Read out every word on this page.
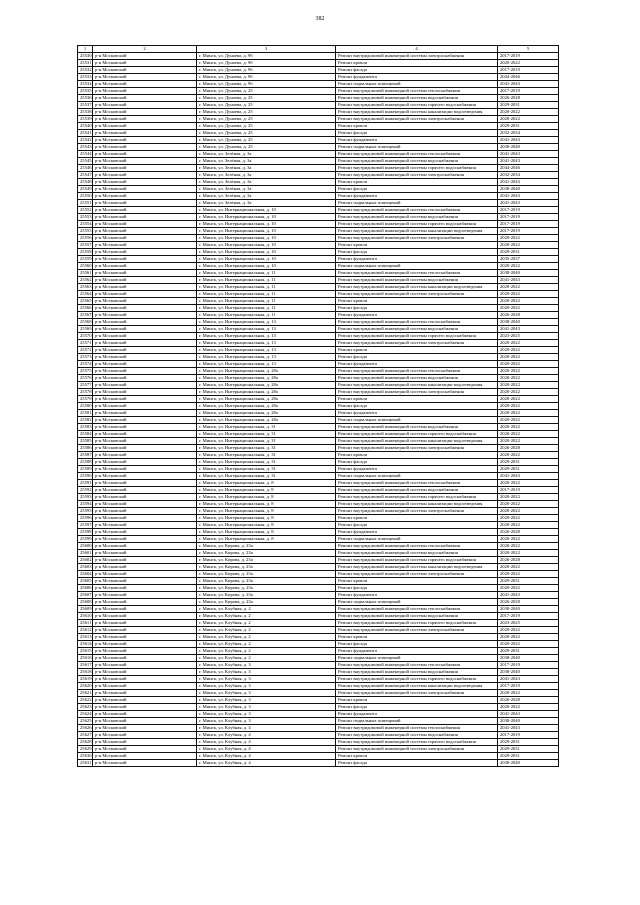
382
1	2	3	4	5
25530	р-н Московский	г. Минск, ул. Дунаева, д. 9б	Ремонт внутридомовой инженерной системы электроснабжения	2017-2019
25531	р-н Московский	г. Минск, ул. Дунаева, д. 9б	Ремонт кровли	2020-2022
25532	р-н Московский	г. Минск, ул. Дунаева, д. 9б	Ремонт фасада	2017-2019
25533	р-н Московский	г. Минск, ул. Дунаева, д. 9б	Ремонт фундамента	2044-2046
25534	р-н Московский	г. Минск, ул. Дунаева, д. 9б	Ремонт подвальных помещений	2041-2043
25535	р-н Московский	г. Минск, ул. Дунаева, д. 25	Ремонт внутридомовой инженерной системы теплоснабжения	2017-2019
25536	р-н Московский	г. Минск, ул. Дунаева, д. 25	Ремонт внутридомовой инженерной системы водоснабжения	2026-2028
25537	р-н Московский	г. Минск, ул. Дунаева, д. 25	Ремонт внутридомовой инженерной системы горячего водоснабжения	2029-2031
25538	р-н Московский	г. Минск, ул. Дунаева, д. 25	Ремонт внутридомовой инженерной системы канализации водоотведения	2020-2022
25539	р-н Московский	г. Минск, ул. Дунаева, д. 25	Ремонт внутридомовой инженерной системы электроснабжения	2020-2022
25540	р-н Московский	г. Минск, ул. Дунаева, д. 25	Ремонт кровли	2029-2031
25541	р-н Московский	г. Минск, ул. Дунаева, д. 25	Ремонт фасада	2032-2034
25542	р-н Московский	г. Минск, ул. Дунаева, д. 25	Ремонт фундамента	2041-2043
25543	р-н Московский	г. Минск, ул. Дунаева, д. 25	Ремонт подвальных помещений	2038-2040
25544	р-н Московский	г. Минск, ул. Зелёная, д. 3а	Ремонт внутридомовой инженерной системы теплоснабжения	2041-2043
25545	р-н Московский	г. Минск, ул. Зелёная, д. 3а	Ремонт внутридомовой инженерной системы водоснабжения	2041-2043
25546	р-н Московский	г. Минск, ул. Зелёная, д. 3а	Ремонт внутридомовой инженерной системы горячего водоснабжения	2044-2046
25547	р-н Московский	г. Минск, ул. Зелёная, д. 3а	Ремонт внутридомовой инженерной системы электроснабжения	2032-2034
25548	р-н Московский	г. Минск, ул. Зелёная, д. 3а	Ремонт кровли	2041-2043
25549	р-н Московский	г. Минск, ул. Зелёная, д. 3а	Ремонт фасада	2038-2040
25550	р-н Московский	г. Минск, ул. Зелёная, д. 3а	Ремонт фундамента	2041-2043
25551	р-н Московский	г. Минск, ул. Зелёная, д. 3а	Ремонт подвальных помещений	2041-2043
25552	р-н Московский	г. Минск, ул. Интернациональная, д. 10	Ремонт внутридомовой инженерной системы теплоснабжения	2017-2019
25553	р-н Московский	г. Минск, ул. Интернациональная, д. 10	Ремонт внутридомовой инженерной системы водоснабжения	2017-2019
25554	р-н Московский	г. Минск, ул. Интернациональная, д. 10	Ремонт внутридомовой инженерной системы горячего водоснабжения	2017-2019
25555	р-н Московский	г. Минск, ул. Интернациональная, д. 10	Ремонт внутридомовой инженерной системы канализации водоотведения	2017-2019
25556	р-н Московский	г. Минск, ул. Интернациональная, д. 10	Ремонт внутридомовой инженерной системы электроснабжения	2020-2022
25557	р-н Московский	г. Минск, ул. Интернациональная, д. 10	Ремонт кровли	2020-2022
25558	р-н Московский	г. Минск, ул. Интернациональная, д. 10	Ремонт фасада	2029-2031
25559	р-н Московский	г. Минск, ул. Интернациональная, д. 10	Ремонт фундамента	2035-2037
25560	р-н Московский	г. Минск, ул. Интернациональная, д. 10	Ремонт подвальных помещений	2020-2022
25561	р-н Московский	г. Минск, ул. Интернациональная, д. 11	Ремонт внутридомовой инженерной системы теплоснабжения	2038-2040
25562	р-н Московский	г. Минск, ул. Интернациональная, д. 11	Ремонт внутридомовой инженерной системы водоснабжения	2041-2043
25563	р-н Московский	г. Минск, ул. Интернациональная, д. 11	Ремонт внутридомовой инженерной системы канализации водоотведения	2020-2022
25564	р-н Московский	г. Минск, ул. Интернациональная, д. 11	Ремонт внутридомовой инженерной системы электроснабжения	2020-2022
25565	р-н Московский	г. Минск, ул. Интернациональная, д. 11	Ремонт кровли	2020-2022
25566	р-н Московский	г. Минск, ул. Интернациональная, д. 11	Ремонт фасада	2020-2022
25567	р-н Московский	г. Минск, ул. Интернациональная, д. 11	Ремонт фундамента	2026-2028
25568	р-н Московский	г. Минск, ул. Интернациональная, д. 13	Ремонт внутридомовой инженерной системы теплоснабжения	2038-2040
25569	р-н Московский	г. Минск, ул. Интернациональная, д. 13	Ремонт внутридомовой инженерной системы водоснабжения	2041-2043
25570	р-н Московский	г. Минск, ул. Интернациональная, д. 13	Ремонт внутридомовой инженерной системы горячего водоснабжения	2023-2025
25571	р-н Московский	г. Минск, ул. Интернациональная, д. 13	Ремонт внутридомовой инженерной системы электроснабжения	2020-2022
25572	р-н Московский	г. Минск, ул. Интернациональная, д. 13	Ремонт кровли	2020-2022
25573	р-н Московский	г. Минск, ул. Интернациональная, д. 13	Ремонт фасада	2020-2022
25574	р-н Московский	г. Минск, ул. Интернациональная, д. 13	Ремонт фундамента	2020-2022
25575	р-н Московский	г. Минск, ул. Интернациональная, д. 28а	Ремонт внутридомовой инженерной системы теплоснабжения	2020-2022
25576	р-н Московский	г. Минск, ул. Интернациональная, д. 28а	Ремонт внутридомовой инженерной системы водоснабжения	2020-2022
25577	р-н Московский	г. Минск, ул. Интернациональная, д. 28а	Ремонт внутридомовой инженерной системы канализации водоотведения	2020-2022
25578	р-н Московский	г. Минск, ул. Интернациональная, д. 28а	Ремонт внутридомовой инженерной системы электроснабжения	2020-2022
25579	р-н Московский	г. Минск, ул. Интернациональная, д. 28а	Ремонт кровли	2020-2022
25580	р-н Московский	г. Минск, ул. Интернациональная, д. 28а	Ремонт фасада	2020-2022
25581	р-н Московский	г. Минск, ул. Интернациональная, д. 28а	Ремонт фундамента	2020-2022
25582	р-н Московский	г. Минск, ул. Интернациональная, д. 28а	Ремонт подвальных помещений	2020-2022
25583	р-н Московский	г. Минск, ул. Интернациональная, д. 31	Ремонт внутридомовой инженерной системы водоснабжения	2020-2022
25584	р-н Московский	г. Минск, ул. Интернациональная, д. 31	Ремонт внутридомовой инженерной системы горячего водоснабжения	2020-2022
25585	р-н Московский	г. Минск, ул. Интернациональная, д. 31	Ремонт внутридомовой инженерной системы канализации водоотведения	2020-2022
25586	р-н Московский	г. Минск, ул. Интернациональная, д. 31	Ремонт внутридомовой инженерной системы электроснабжения	2026-2028
25587	р-н Московский	г. Минск, ул. Интернациональная, д. 31	Ремонт кровли	2020-2022
25588	р-н Московский	г. Минск, ул. Интернациональная, д. 31	Ремонт фасада	2029-2031
25589	р-н Московский	г. Минск, ул. Интернациональная, д. 31	Ремонт фундамента	2029-2031
25590	р-н Московский	г. Минск, ул. Интернациональная, д. 31	Ремонт подвальных помещений	2041-2043
25591	р-н Московский	г. Минск, ул. Интернациональная, д. 8	Ремонт внутридомовой инженерной системы теплоснабжения	2020-2022
25592	р-н Московский	г. Минск, ул. Интернациональная, д. 8	Ремонт внутридомовой инженерной системы водоснабжения	2017-2019
25593	р-н Московский	г. Минск, ул. Интернациональная, д. 8	Ремонт внутридомовой инженерной системы горячего водоснабжения	2020-2022
25594	р-н Московский	г. Минск, ул. Интернациональная, д. 8	Ремонт внутридомовой инженерной системы канализации водоотведения	2020-2022
25595	р-н Московский	г. Минск, ул. Интернациональная, д. 8	Ремонт внутридомовой инженерной системы электроснабжения	2020-2022
25596	р-н Московский	г. Минск, ул. Интернациональная, д. 8	Ремонт кровли	2020-2022
25597	р-н Московский	г. Минск, ул. Интернациональная, д. 8	Ремонт фасада	2020-2022
25598	р-н Московский	г. Минск, ул. Интернациональная, д. 8	Ремонт фундамента	2026-2028
25599	р-н Московский	г. Минск, ул. Интернациональная, д. 8	Ремонт подвальных помещений	2020-2022
25600	р-н Московский	г. Минск, ул. Кирова, д. 23а	Ремонт внутридомовой инженерной системы теплоснабжения	2020-2022
25601	р-н Московский	г. Минск, ул. Кирова, д. 23а	Ремонт внутридомовой инженерной системы водоснабжения	2020-2022
25602	р-н Московский	г. Минск, ул. Кирова, д. 23а	Ремонт внутридомовой инженерной системы горячего водоснабжения	2026-2028
25603	р-н Московский	г. Минск, ул. Кирова, д. 23а	Ремонт внутридомовой инженерной системы канализации водоотведения	2020-2022
25604	р-н Московский	г. Минск, ул. Кирова, д. 23а	Ремонт внутридомовой инженерной системы электроснабжения	2020-2022
25605	р-н Московский	г. Минск, ул. Кирова, д. 23а	Ремонт кровли	2029-2031
25606	р-н Московский	г. Минск, ул. Кирова, д. 23а	Ремонт фасада	2020-2022
25607	р-н Московский	г. Минск, ул. Кирова, д. 23а	Ремонт фундамента	2041-2043
25608	р-н Московский	г. Минск, ул. Кирова, д. 23а	Ремонт подвальных помещений	2026-2028
25609	р-н Московский	г. Минск, ул. Клубная, д. 2	Ремонт внутридомовой инженерной системы теплоснабжения	2038-2040
25610	р-н Московский	г. Минск, ул. Клубная, д. 2	Ремонт внутридомовой инженерной системы водоснабжения	2017-2019
25611	р-н Московский	г. Минск, ул. Клубная, д. 2	Ремонт внутридомовой инженерной системы горячего водоснабжения	2023-2025
25612	р-н Московский	г. Минск, ул. Клубная, д. 2	Ремонт внутридомовой инженерной системы электроснабжения	2020-2022
25613	р-н Московский	г. Минск, ул. Клубная, д. 2	Ремонт кровли	2020-2022
25614	р-н Московский	г. Минск, ул. Клубная, д. 2	Ремонт фасада	2020-2022
25615	р-н Московский	г. Минск, ул. Клубная, д. 2	Ремонт фундамента	2029-2031
25616	р-н Московский	г. Минск, ул. Клубная, д. 2	Ремонт подвальных помещений	2038-2040
25617	р-н Московский	г. Минск, ул. Клубная, д. 3	Ремонт внутридомовой инженерной системы теплоснабжения	2017-2019
25618	р-н Московский	г. Минск, ул. Клубная, д. 3	Ремонт внутридомовой инженерной системы водоснабжения	2038-2040
25619	р-н Московский	г. Минск, ул. Клубная, д. 3	Ремонт внутридомовой инженерной системы горячего водоснабжения	2041-2043
25620	р-н Московский	г. Минск, ул. Клубная, д. 3	Ремонт внутридомовой инженерной системы канализации водоотведения	2017-2019
25621	р-н Московский	г. Минск, ул. Клубная, д. 3	Ремонт внутридомовой инженерной системы электроснабжения	2020-2022
25622	р-н Московский	г. Минск, ул. Клубная, д. 3	Ремонт кровли	2026-2028
25623	р-н Московский	г. Минск, ул. Клубная, д. 3	Ремонт фасада	2020-2022
25624	р-н Московский	г. Минск, ул. Клубная, д. 3	Ремонт фундамента	2041-2043
25625	р-н Московский	г. Минск, ул. Клубная, д. 3	Ремонт подвальных помещений	2038-2040
25626	р-н Московский	г. Минск, ул. Клубная, д. 4	Ремонт внутридомовой инженерной системы теплоснабжения	2041-2043
25627	р-н Московский	г. Минск, ул. Клубная, д. 4	Ремонт внутридомовой инженерной системы водоснабжения	2017-2019
25628	р-н Московский	г. Минск, ул. Клубная, д. 4	Ремонт внутридомовой инженерной системы горячего водоснабжения	2029-2031
25629	р-н Московский	г. Минск, ул. Клубная, д. 4	Ремонт внутридомовой инженерной системы электроснабжения	2029-2031
25630	р-н Московский	г. Минск, ул. Клубная, д. 4	Ремонт кровли	2029-2031
25631	р-н Московский	г. Минск, ул. Клубная, д. 4	Ремонт фасада	2038-2040
